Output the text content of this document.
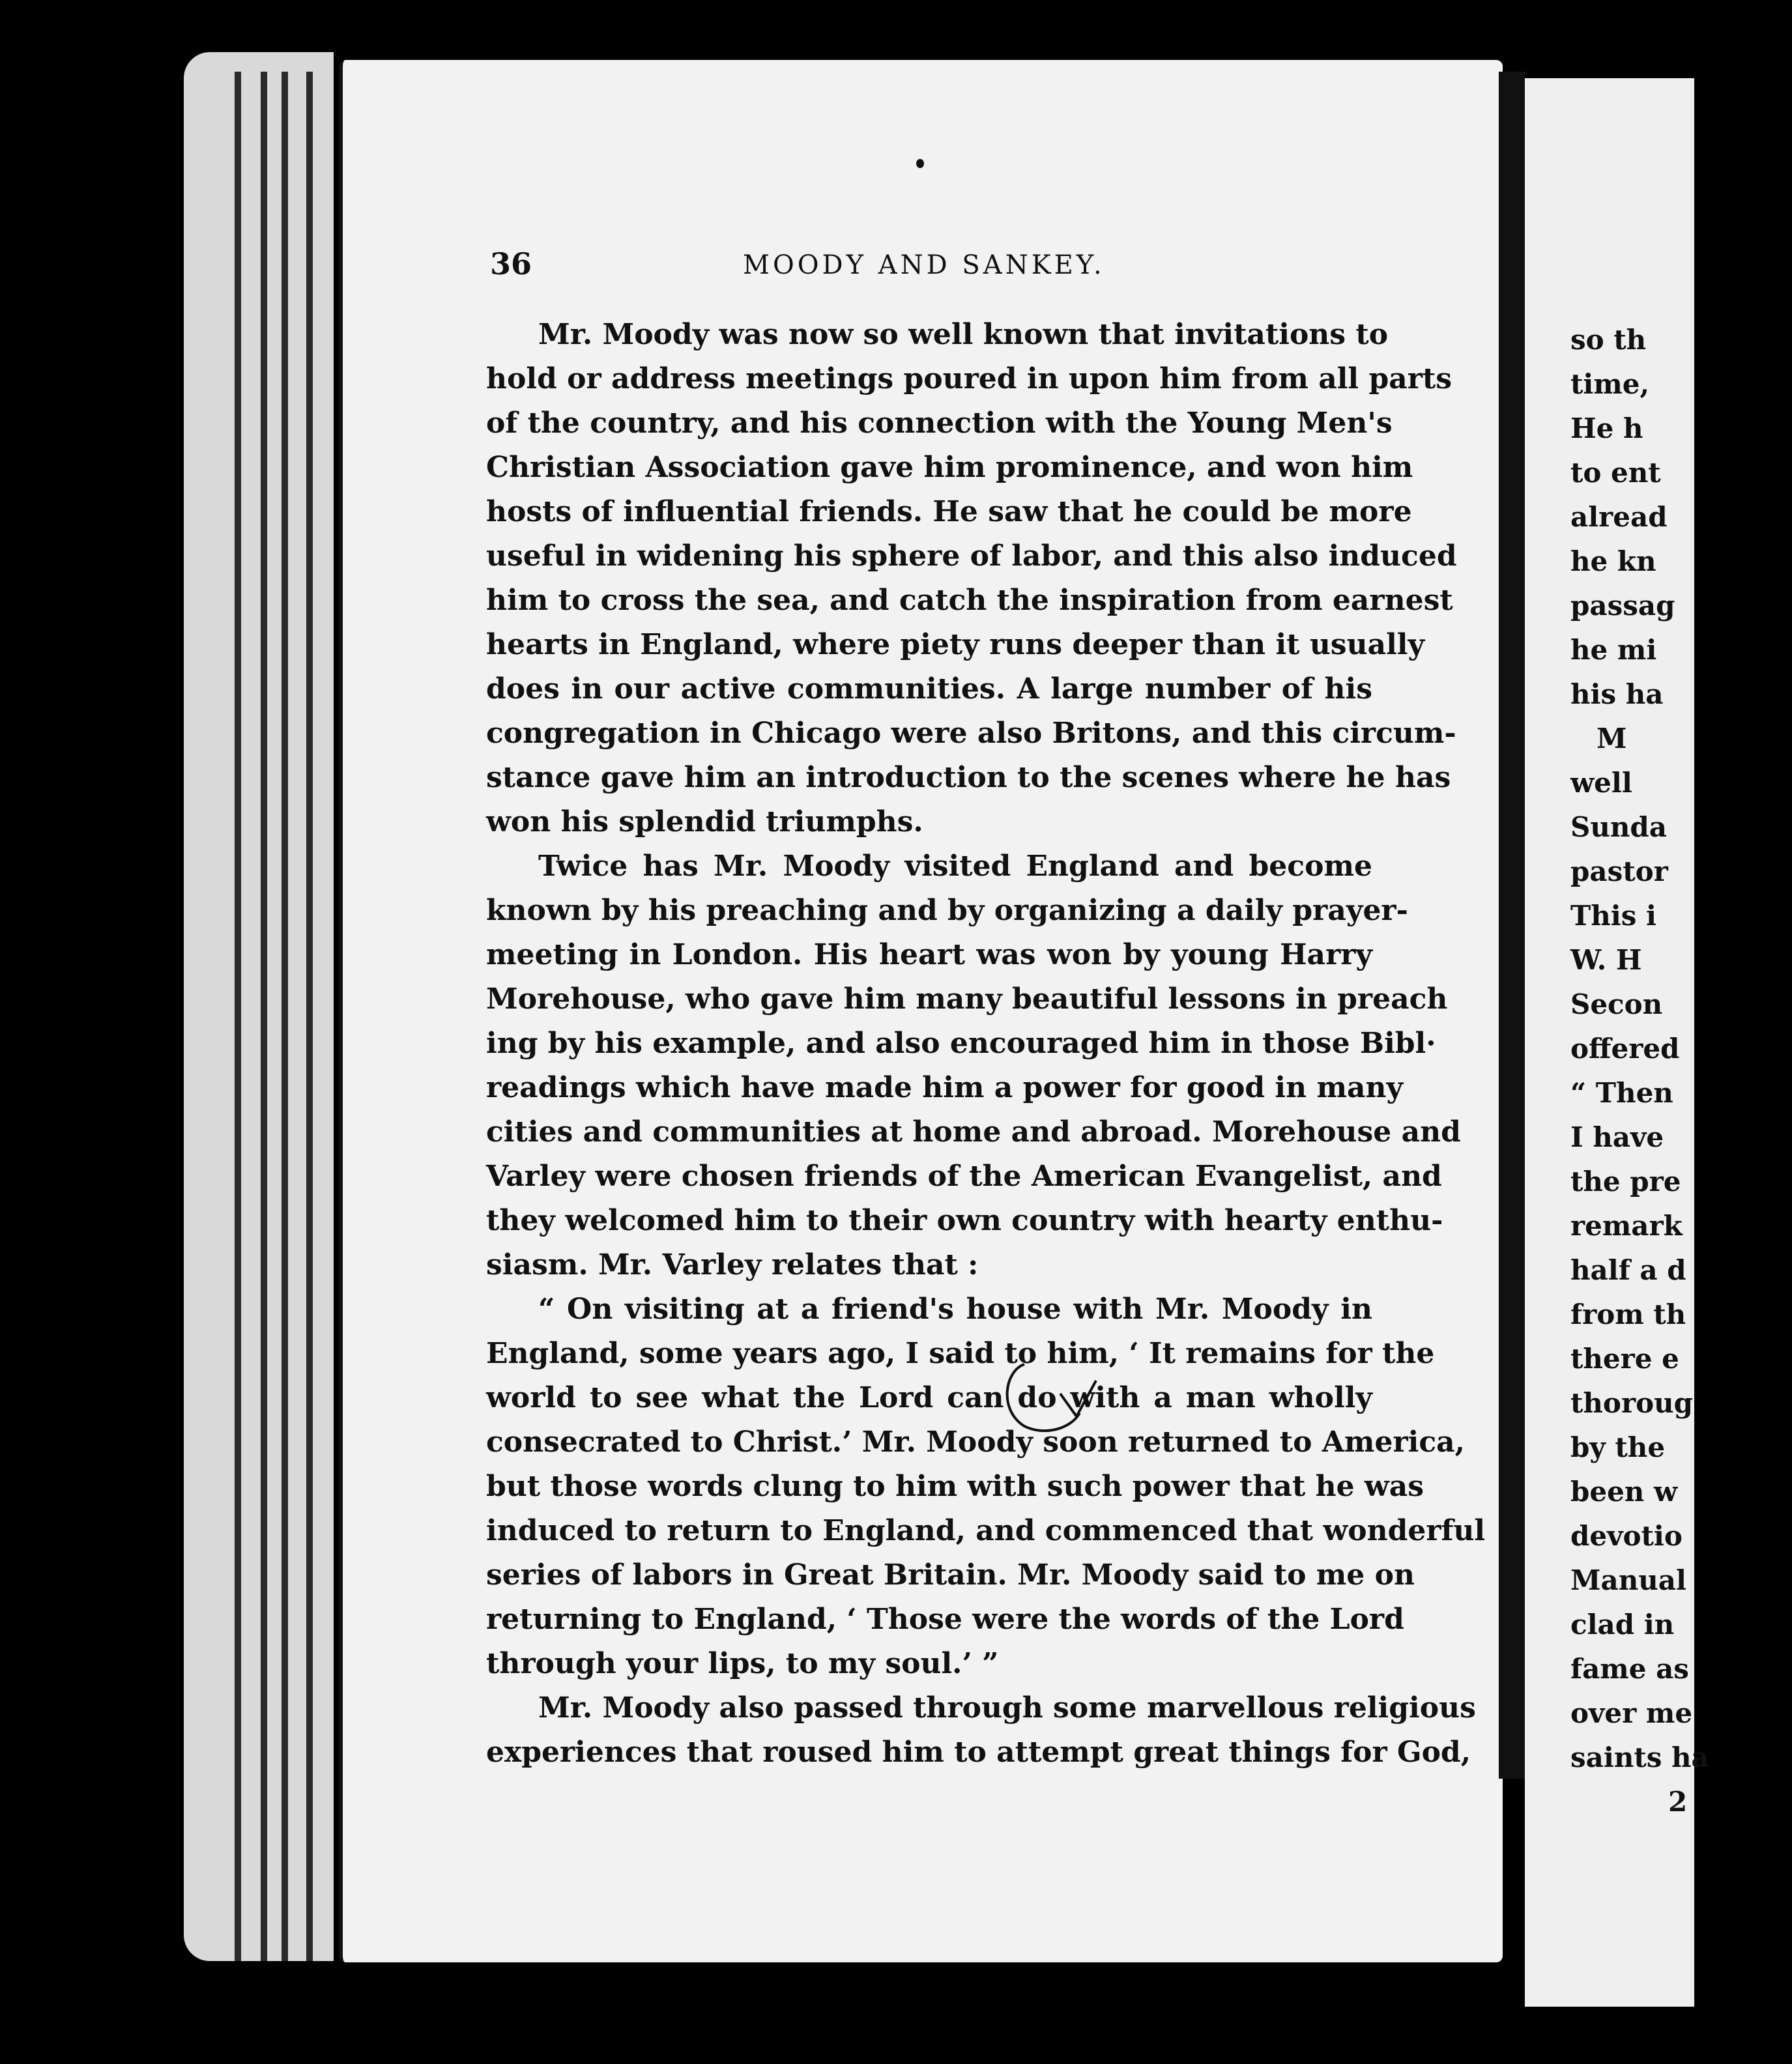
36	MOODY AND SANKEY.
Mr. Moody was now so well known that invitations to
hold or address meetings poured in upon him from all parts
of the country, and his connection with the Young Men's
Christian Association gave him prominence, and won him
hosts of influential friends. He saw that he could be more
useful in widening his sphere of labor, and this also induced
him to cross the sea, and catch the inspiration from earnest
hearts in England, where piety runs deeper than it usually
does in our active communities. A large number of his
congregation in Chicago were also Britons, and this circum-
stance gave him an introduction to the scenes where he has
won his splendid triumphs.
Twice has Mr. Moody visited England and become
known by his preaching and by organizing a daily prayer-
meeting in London. His heart was won by young Harry
Morehouse, who gave him many beautiful lessons in preach
ing by his example, and also encouraged him in those Bibl·
readings which have made him a power for good in many
cities and communities at home and abroad. Morehouse and
Varley were chosen friends of the American Evangelist, and
they welcomed him to their own country with hearty enthu-
siasm. Mr. Varley relates that :
“ On visiting at a friend's house with Mr. Moody in
England, some years ago, I said to him, ‘ It remains for the
world to see what the Lord can do with a man wholly
consecrated to Christ.’ Mr. Moody soon returned to America,
but those words clung to him with such power that he was
induced to return to England, and commenced that wonderful
series of labors in Great Britain. Mr. Moody said to me on
returning to England, ‘ Those were the words of the Lord
through your lips, to my soul.’ ”
Mr. Moody also passed through some marvellous religious
experiences that roused him to attempt great things for God,
so th
time,
He h
to ent
alread
he kn
passag
he mi
his ha
M
well
Sunda
pastor
This i
W. H
Secon
offered
“ Then
I have
the pre
remark
half a d
from th
there e
thoroug
by the
been w
devotio
Manual
clad in
fame as
over me
saints ha
2
